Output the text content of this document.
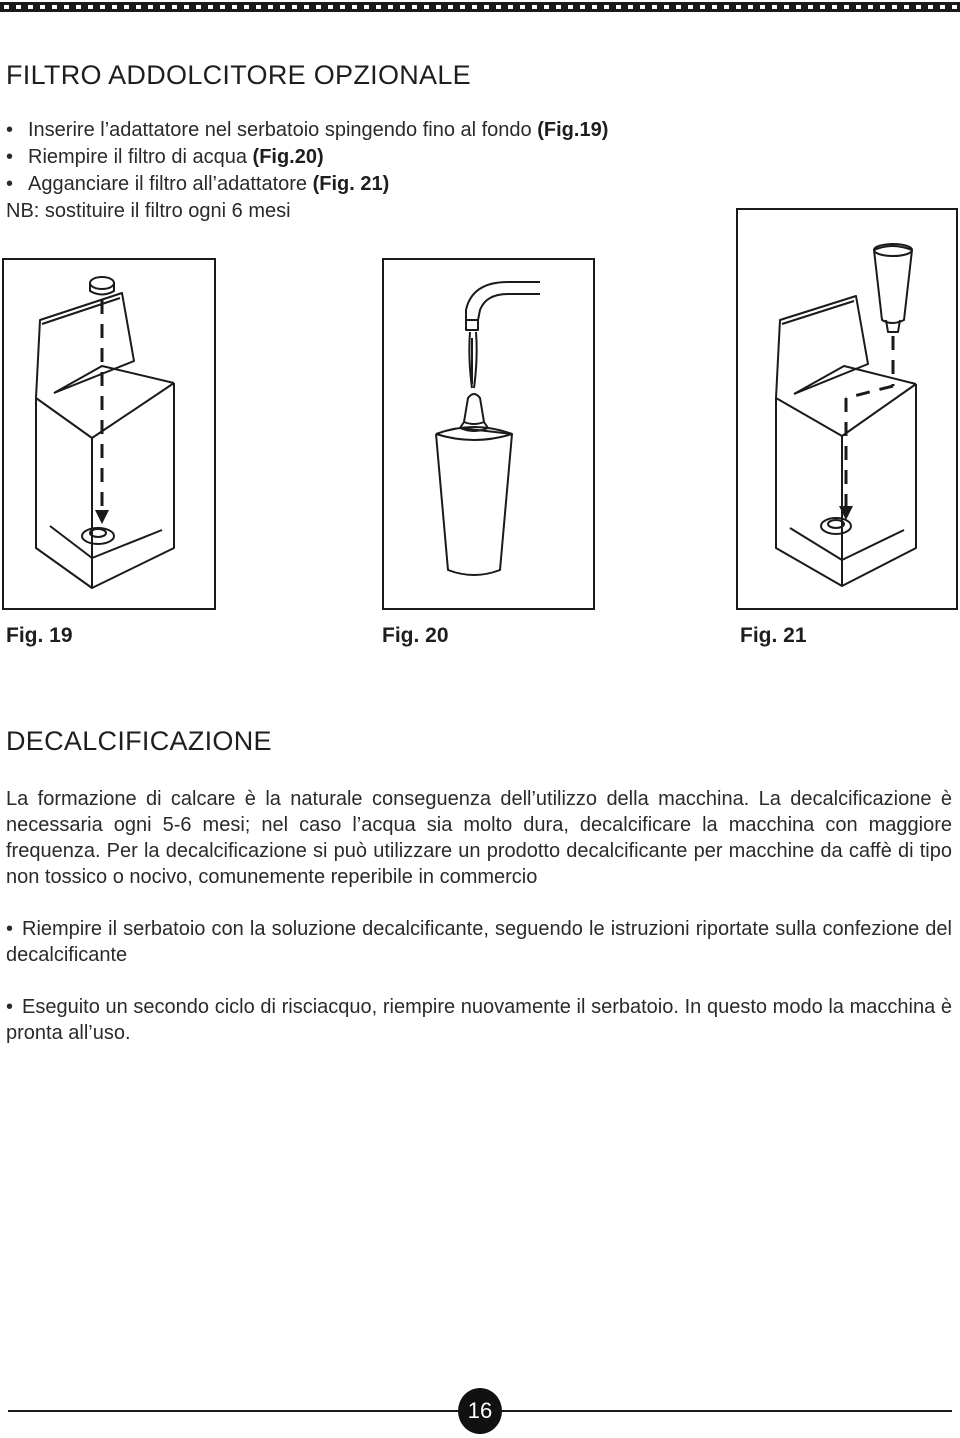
FILTRO ADDOLCITORE OPZIONALE
• Inserire l’adattatore nel serbatoio spingendo fino al fondo (Fig.19)
• Riempire il filtro di acqua (Fig.20)
• Agganciare il filtro all’adattatore (Fig. 21)
NB: sostituire il filtro ogni 6 mesi
Fig. 19	Fig. 20	Fig. 21
DECALCIFICAZIONE
La formazione di calcare è la naturale conseguenza dell’utilizzo della macchina. La decalcificazione è necessaria ogni 5-6 mesi; nel caso l’acqua sia molto dura, decalcificare la macchina con maggiore frequenza. Per la decalcificazione si può utilizzare un prodotto decalcificante per macchine da caffè di tipo non tossico o nocivo, comunemente reperibile in commercio
• Riempire il serbatoio con la soluzione decalcificante, seguendo le istruzioni riportate sulla confezione del decalcificante
• Eseguito un secondo ciclo di risciacquo, riempire nuovamente il serbatoio. In questo modo la macchina è pronta all’uso.
16
